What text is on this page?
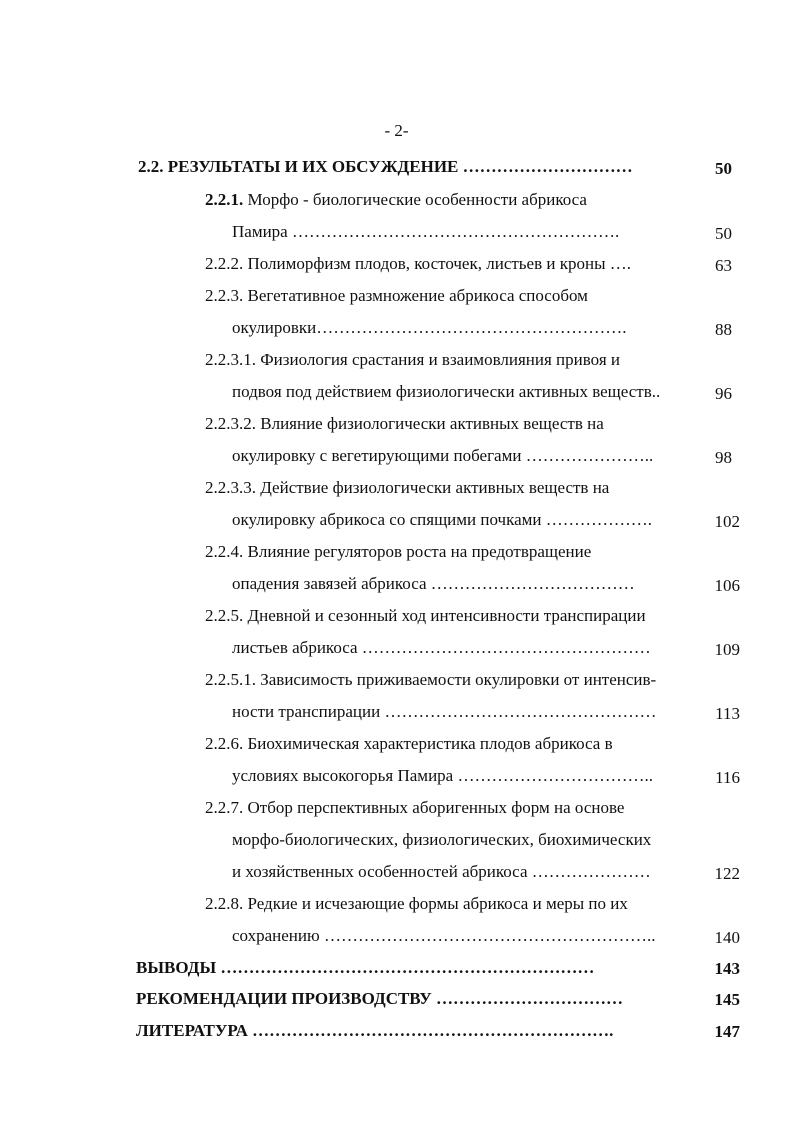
- 2-
2.2. РЕЗУЛЬТАТЫ И ИХ ОБСУЖДЕНИЕ …………………………	50
2.2.1. Морфо - биологические особенности абрикоса
Памира ………………………………………………….	50
2.2.2. Полиморфизм плодов, косточек, листьев и кроны ….	63
2.2.3. Вегетативное размножение абрикоса способом
окулировки……………………………………………….	88
2.2.3.1. Физиология срастания и взаимовлияния привоя и
подвоя под действием физиологически активных веществ..	96
2.2.3.2. Влияние физиологически активных веществ на
окулировку с вегетирующими побегами …………………..	98
2.2.3.3. Действие физиологически активных веществ на
окулировку абрикоса со спящими почками ……………….	102
2.2.4. Влияние регуляторов роста на предотвращение
опадения завязей абрикоса ………………………………	106
2.2.5. Дневной и сезонный ход интенсивности транспирации
листьев абрикоса ……………………………………………	109
2.2.5.1. Зависимость приживаемости окулировки от интенсив-
ности транспирации …………………………………………	113
2.2.6. Биохимическая характеристика плодов абрикоса в
условиях высокогорья Памира ……………………………..	116
2.2.7. Отбор перспективных аборигенных форм на основе
морфо-биологических, физиологических, биохимических
и хозяйственных особенностей абрикоса …………………	122
2.2.8. Редкие и исчезающие формы абрикоса и меры по их
сохранению …………………………………………………..	140
ВЫВОДЫ …………………………………………………………	143
РЕКОМЕНДАЦИИ ПРОИЗВОДСТВУ ……………………………	145
ЛИТЕРАТУРА ……………………………………………………….	147
